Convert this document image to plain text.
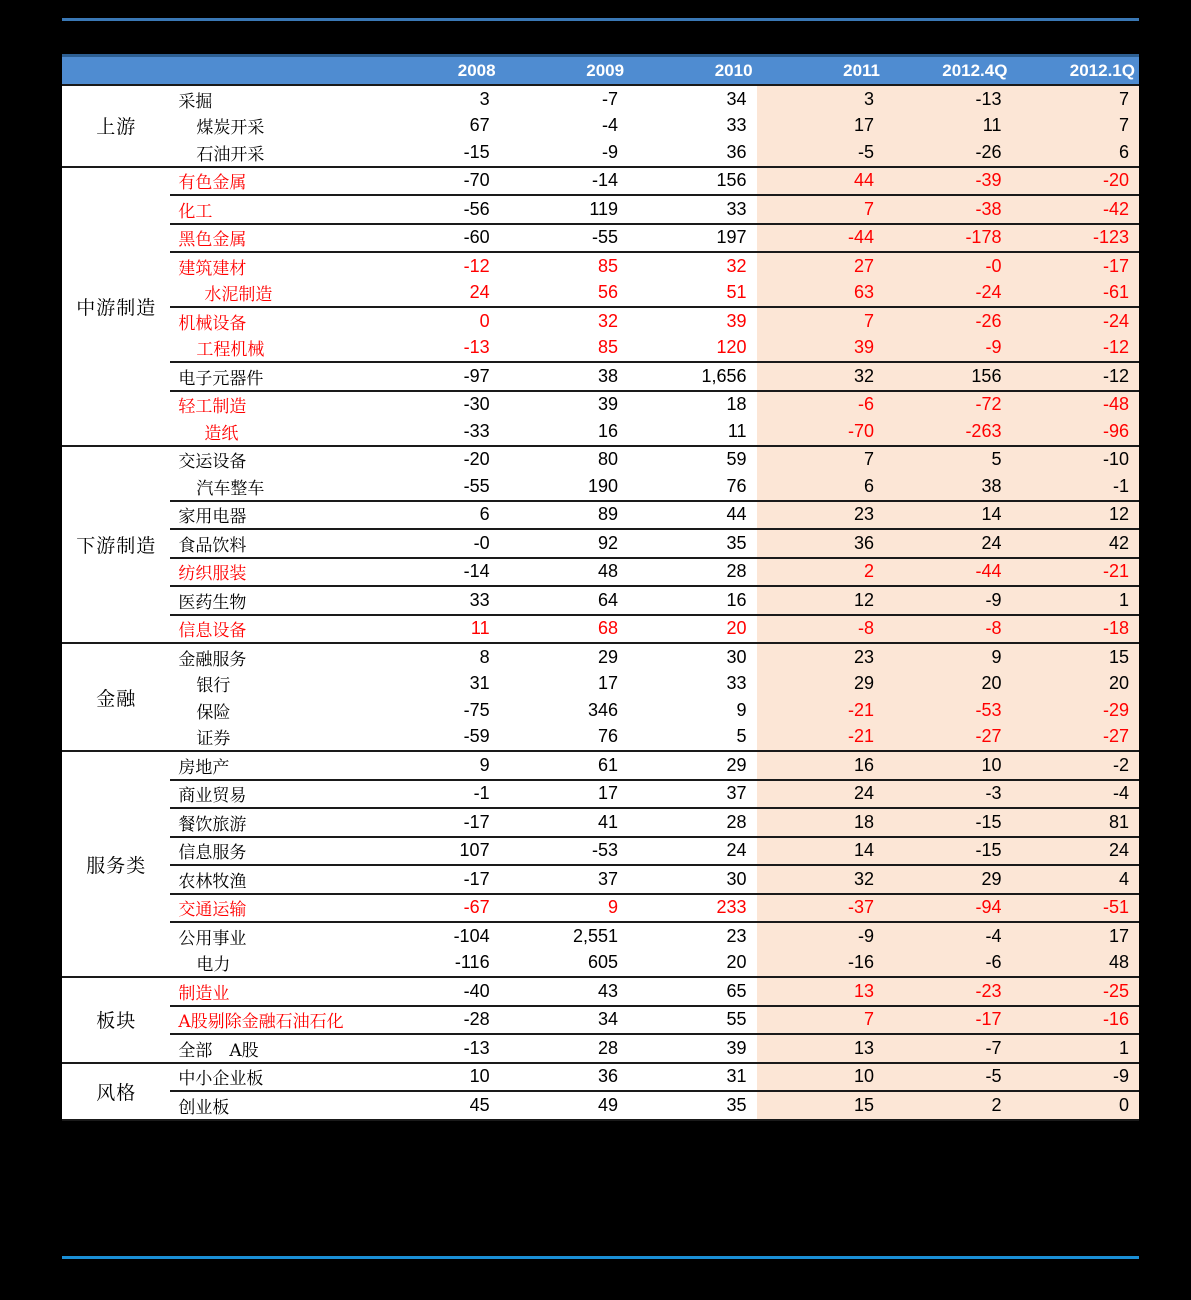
		2008	2009	2010	2011	2012.4Q	2012.1Q
上游	采掘	3	-7	34	3	-13	7
	煤炭开采	67	-4	33	17	11	7
	石油开采	-15	-9	36	-5	-26	6
中游制造	有色金属	-70	-14	156	44	-39	-20
	化工	-56	119	33	7	-38	-42
	黑色金属	-60	-55	197	-44	-178	-123
	建筑建材	-12	85	32	27	-0	-17
	水泥制造	24	56	51	63	-24	-61
	机械设备	0	32	39	7	-26	-24
	工程机械	-13	85	120	39	-9	-12
	电子元器件	-97	38	1,656	32	156	-12
	轻工制造	-30	39	18	-6	-72	-48
	造纸	-33	16	11	-70	-263	-96
下游制造	交运设备	-20	80	59	7	5	-10
	汽车整车	-55	190	76	6	38	-1
	家用电器	6	89	44	23	14	12
	食品饮料	-0	92	35	36	24	42
	纺织服装	-14	48	28	2	-44	-21
	医药生物	33	64	16	12	-9	1
	信息设备	11	68	20	-8	-8	-18
金融	金融服务	8	29	30	23	9	15
	银行	31	17	33	29	20	20
	保险	-75	346	9	-21	-53	-29
	证券	-59	76	5	-21	-27	-27
服务类	房地产	9	61	29	16	10	-2
	商业贸易	-1	17	37	24	-3	-4
	餐饮旅游	-17	41	28	18	-15	81
	信息服务	107	-53	24	14	-15	24
	农林牧渔	-17	37	30	32	29	4
	交通运输	-67	9	233	-37	-94	-51
	公用事业	-104	2,551	23	-9	-4	17
	电力	-116	605	20	-16	-6	48
板块	制造业	-40	43	65	13	-23	-25
	A股剔除金融石油石化	-28	34	55	7	-17	-16
	全部　A股	-13	28	39	13	-7	1
风格	中小企业板	10	36	31	10	-5	-9
	创业板	45	49	35	15	2	0
